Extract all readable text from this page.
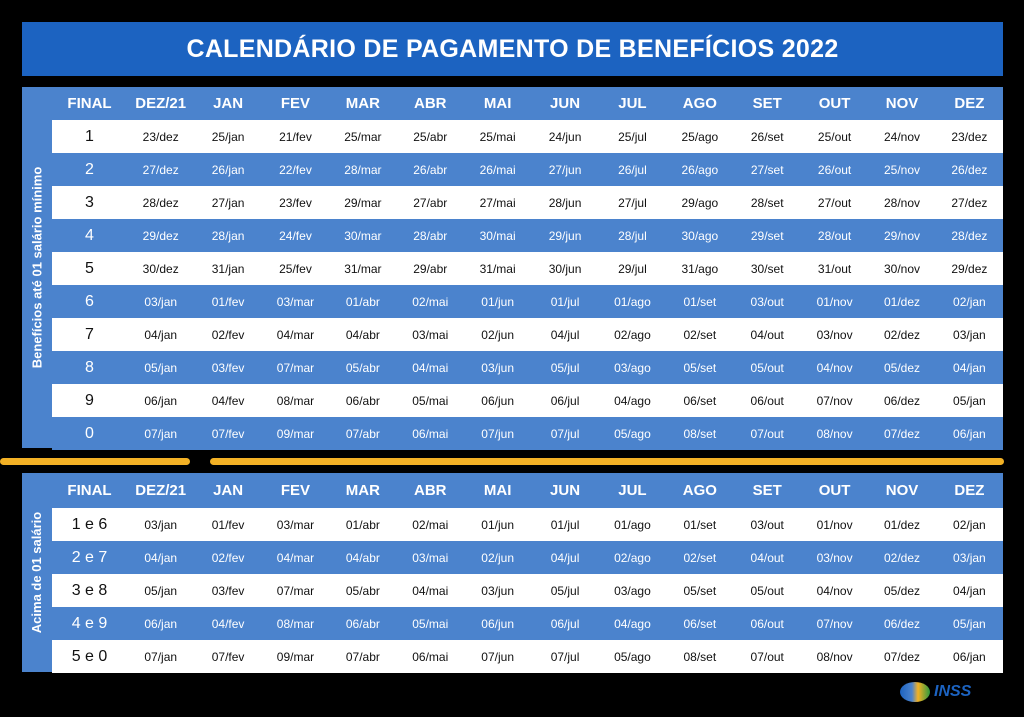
CALENDÁRIO DE PAGAMENTO DE BENEFÍCIOS 2022
Benefícios até 01 salário mínimo
FINAL	DEZ/21	JAN	FEV	MAR	ABR	MAI	JUN	JUL	AGO	SET	OUT	NOV	DEZ
1	23/dez	25/jan	21/fev	25/mar	25/abr	25/mai	24/jun	25/jul	25/ago	26/set	25/out	24/nov	23/dez
2	27/dez	26/jan	22/fev	28/mar	26/abr	26/mai	27/jun	26/jul	26/ago	27/set	26/out	25/nov	26/dez
3	28/dez	27/jan	23/fev	29/mar	27/abr	27/mai	28/jun	27/jul	29/ago	28/set	27/out	28/nov	27/dez
4	29/dez	28/jan	24/fev	30/mar	28/abr	30/mai	29/jun	28/jul	30/ago	29/set	28/out	29/nov	28/dez
5	30/dez	31/jan	25/fev	31/mar	29/abr	31/mai	30/jun	29/jul	31/ago	30/set	31/out	30/nov	29/dez
6	03/jan	01/fev	03/mar	01/abr	02/mai	01/jun	01/jul	01/ago	01/set	03/out	01/nov	01/dez	02/jan
7	04/jan	02/fev	04/mar	04/abr	03/mai	02/jun	04/jul	02/ago	02/set	04/out	03/nov	02/dez	03/jan
8	05/jan	03/fev	07/mar	05/abr	04/mai	03/jun	05/jul	03/ago	05/set	05/out	04/nov	05/dez	04/jan
9	06/jan	04/fev	08/mar	06/abr	05/mai	06/jun	06/jul	04/ago	06/set	06/out	07/nov	06/dez	05/jan
0	07/jan	07/fev	09/mar	07/abr	06/mai	07/jun	07/jul	05/ago	08/set	07/out	08/nov	07/dez	06/jan
Acima de 01 salário
FINAL	DEZ/21	JAN	FEV	MAR	ABR	MAI	JUN	JUL	AGO	SET	OUT	NOV	DEZ
1 e 6	03/jan	01/fev	03/mar	01/abr	02/mai	01/jun	01/jul	01/ago	01/set	03/out	01/nov	01/dez	02/jan
2 e 7	04/jan	02/fev	04/mar	04/abr	03/mai	02/jun	04/jul	02/ago	02/set	04/out	03/nov	02/dez	03/jan
3 e 8	05/jan	03/fev	07/mar	05/abr	04/mai	03/jun	05/jul	03/ago	05/set	05/out	04/nov	05/dez	04/jan
4 e 9	06/jan	04/fev	08/mar	06/abr	05/mai	06/jun	06/jul	04/ago	06/set	06/out	07/nov	06/dez	05/jan
5 e 0	07/jan	07/fev	09/mar	07/abr	06/mai	07/jun	07/jul	05/ago	08/set	07/out	08/nov	07/dez	06/jan
INSS
